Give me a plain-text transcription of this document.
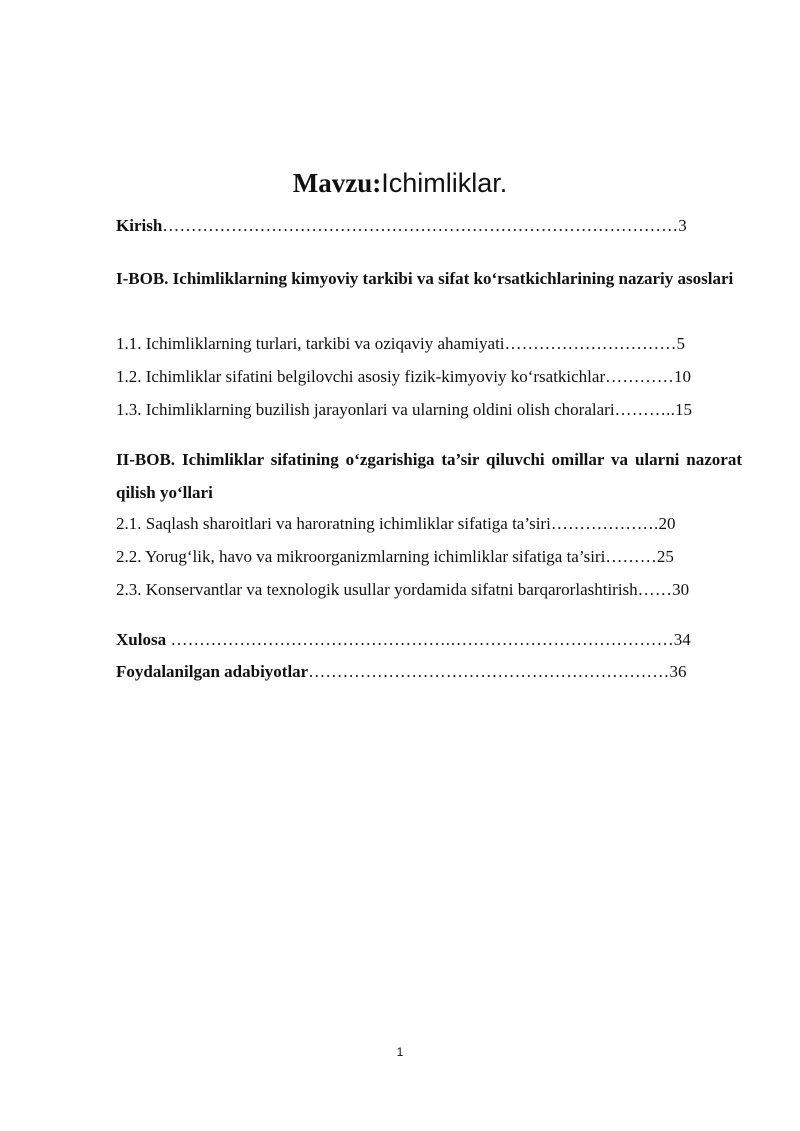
Mavzu:Ichimliklar.
Kirish………………………………………………………………………………3
I-BOB. Ichimliklarning kimyoviy tarkibi va sifat ko‘rsatkichlarining nazariy asoslari
1.1. Ichimliklarning turlari, tarkibi va oziqaviy ahamiyati…………………………5
1.2. Ichimliklar sifatini belgilovchi asosiy fizik-kimyoviy ko‘rsatkichlar…………10
1.3. Ichimliklarning buzilish jarayonlari va ularning oldini olish choralari………..15
II-BOB. Ichimliklar sifatining o‘zgarishiga ta’sir qiluvchi omillar va ularni nazorat qilish yo‘llari
2.1. Saqlash sharoitlari va haroratning ichimliklar sifatiga ta’siri……………….20
2.2. Yorug‘lik, havo va mikroorganizmlarning ichimliklar sifatiga ta’siri………25
2.3. Konservantlar va texnologik usullar yordamida sifatni barqarorlashtirish……30
Xulosa ………………………………………….…………………………………34
Foydalanilgan adabiyotlar………………………………………………………36
1
